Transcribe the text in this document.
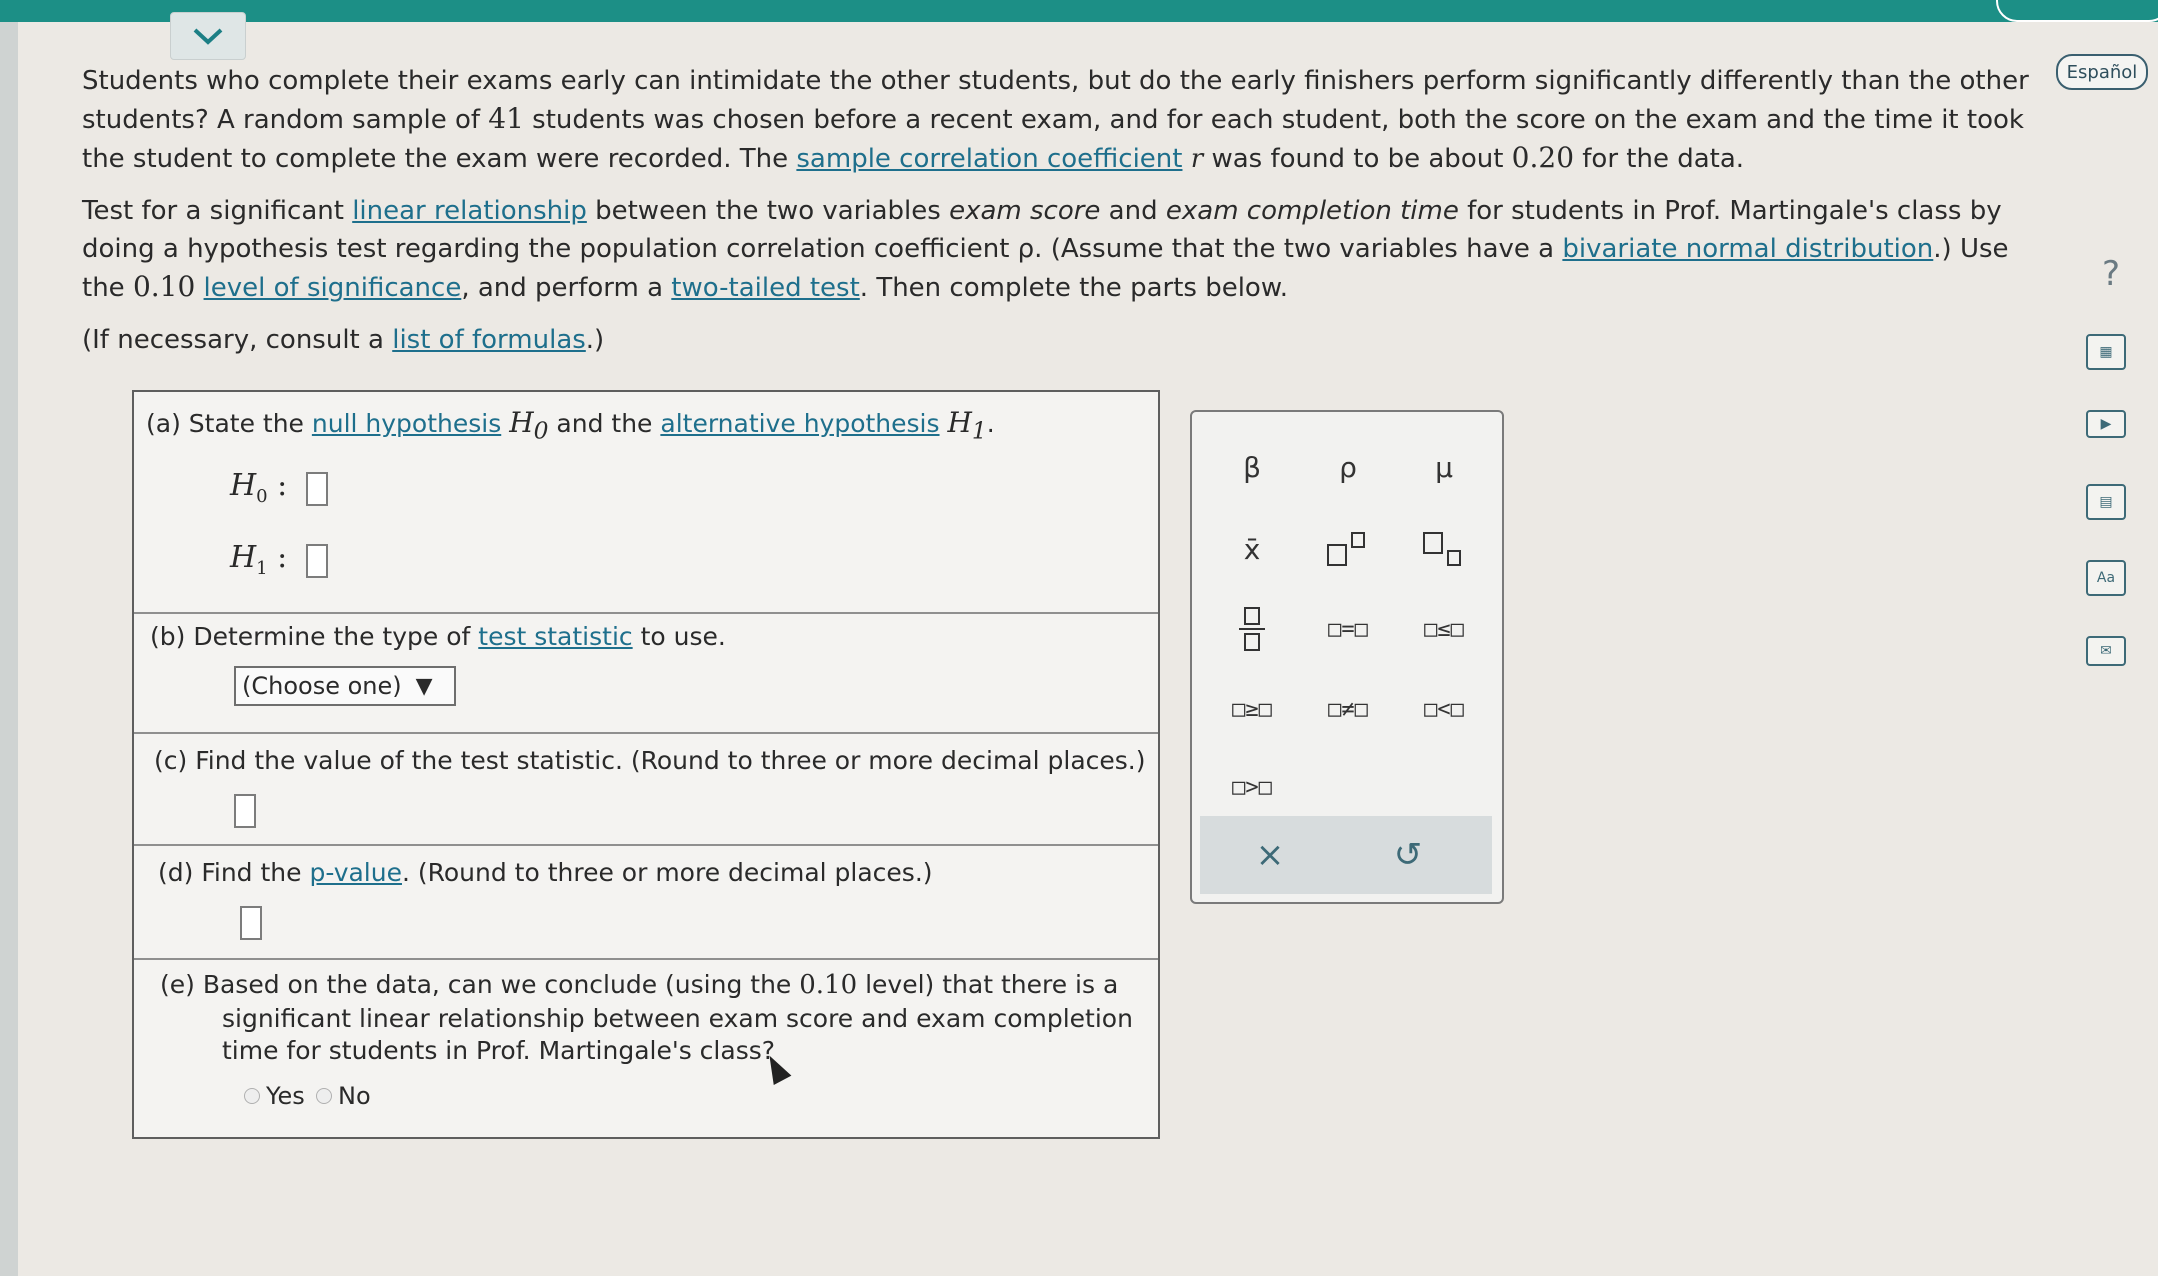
Español
?
▦
▶
▤
Aa
✉

Students who complete their exams early can intimidate the other students, but do the early finishers perform significantly differently than the other students? A random sample of 41 students was chosen before a recent exam, and for each student, both the score on the exam and the time it took the student to complete the exam were recorded. The sample correlation coefficient r was found to be about 0.20 for the data.

Test for a significant linear relationship between the two variables exam score and exam completion time for students in Prof. Martingale's class by doing a hypothesis test regarding the population correlation coefficient ρ. (Assume that the two variables have a bivariate normal distribution.) Use the 0.10 level of significance, and perform a two-tailed test. Then complete the parts below.

(If necessary, consult a list of formulas.)

(a) State the null hypothesis $H_0$ and the alternative hypothesis $H_1$.
$H_0$ :
$H_1$ :
(b) Determine the type of test statistic to use.
(Choose one) ▼
(c) Find the value of the test statistic. (Round to three or more decimal places.)
(d) Find the p-value. (Round to three or more decimal places.)
(e) Based on the data, can we conclude (using the 0.10 level) that there is a
significant linear relationship between exam score and exam completion
time for students in Prof. Martingale's class?
Yes No
β	ρ	μ
x̄
□=□	□≤□
□≥□	□≠□	□<□
□>□
×	↺
